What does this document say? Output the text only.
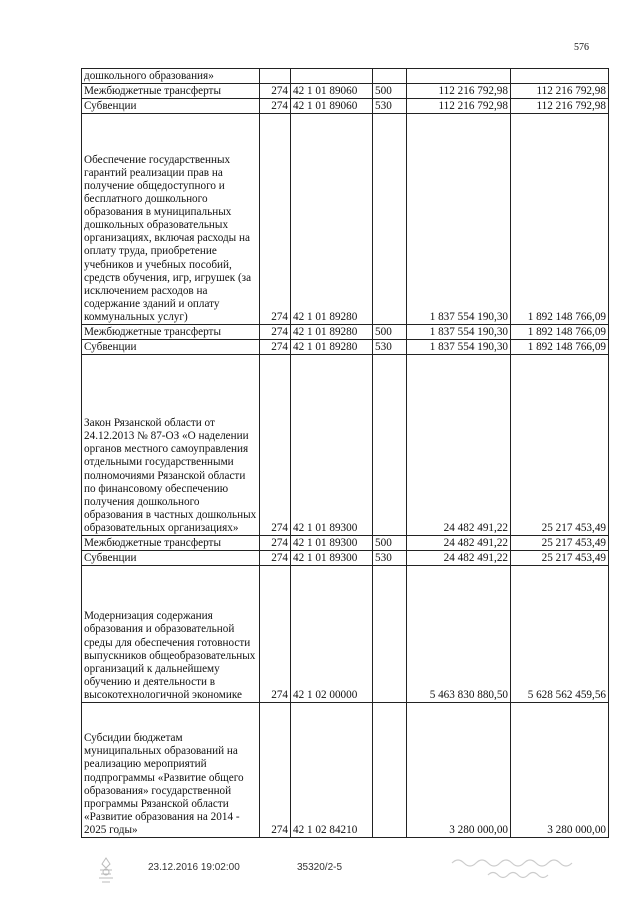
576
дошкольного образования»					
Межбюджетные трансферты	274	42 1 01 89060	500	112 216 792,98	112 216 792,98
Субвенции	274	42 1 01 89060	530	112 216 792,98	112 216 792,98
Обеспечение государственных гарантий реализации прав на получение общедоступного и бесплатного дошкольного образования в муниципальных дошкольных образовательных организациях, включая расходы на оплату труда, приобретение учебников и учебных пособий, средств обучения, игр, игрушек (за исключением расходов на содержание зданий и оплату коммунальных услуг)	274	42 1 01 89280		1 837 554 190,30	1 892 148 766,09
Межбюджетные трансферты	274	42 1 01 89280	500	1 837 554 190,30	1 892 148 766,09
Субвенции	274	42 1 01 89280	530	1 837 554 190,30	1 892 148 766,09
Закон Рязанской области от 24.12.2013 № 87-ОЗ «О наделении органов местного самоуправления отдельными государственными полномочиями Рязанской области по финансовому обеспечению получения дошкольного образования в частных дошкольных образовательных организациях»	274	42 1 01 89300		24 482 491,22	25 217 453,49
Межбюджетные трансферты	274	42 1 01 89300	500	24 482 491,22	25 217 453,49
Субвенции	274	42 1 01 89300	530	24 482 491,22	25 217 453,49
Модернизация содержания образования и образовательной среды для обеспечения готовности выпускников общеобразовательных организаций к дальнейшему обучению и деятельности в высокотехнологичной экономике	274	42 1 02 00000		5 463 830 880,50	5 628 562 459,56
Субсидии бюджетам муниципальных образований на реализацию мероприятий подпрограммы «Развитие общего образования» государственной программы Рязанской области «Развитие образования на 2014 - 2025 годы»	274	42 1 02 84210		3 280 000,00	3 280 000,00
23.12.2016 19:02:00	35320/2-5
